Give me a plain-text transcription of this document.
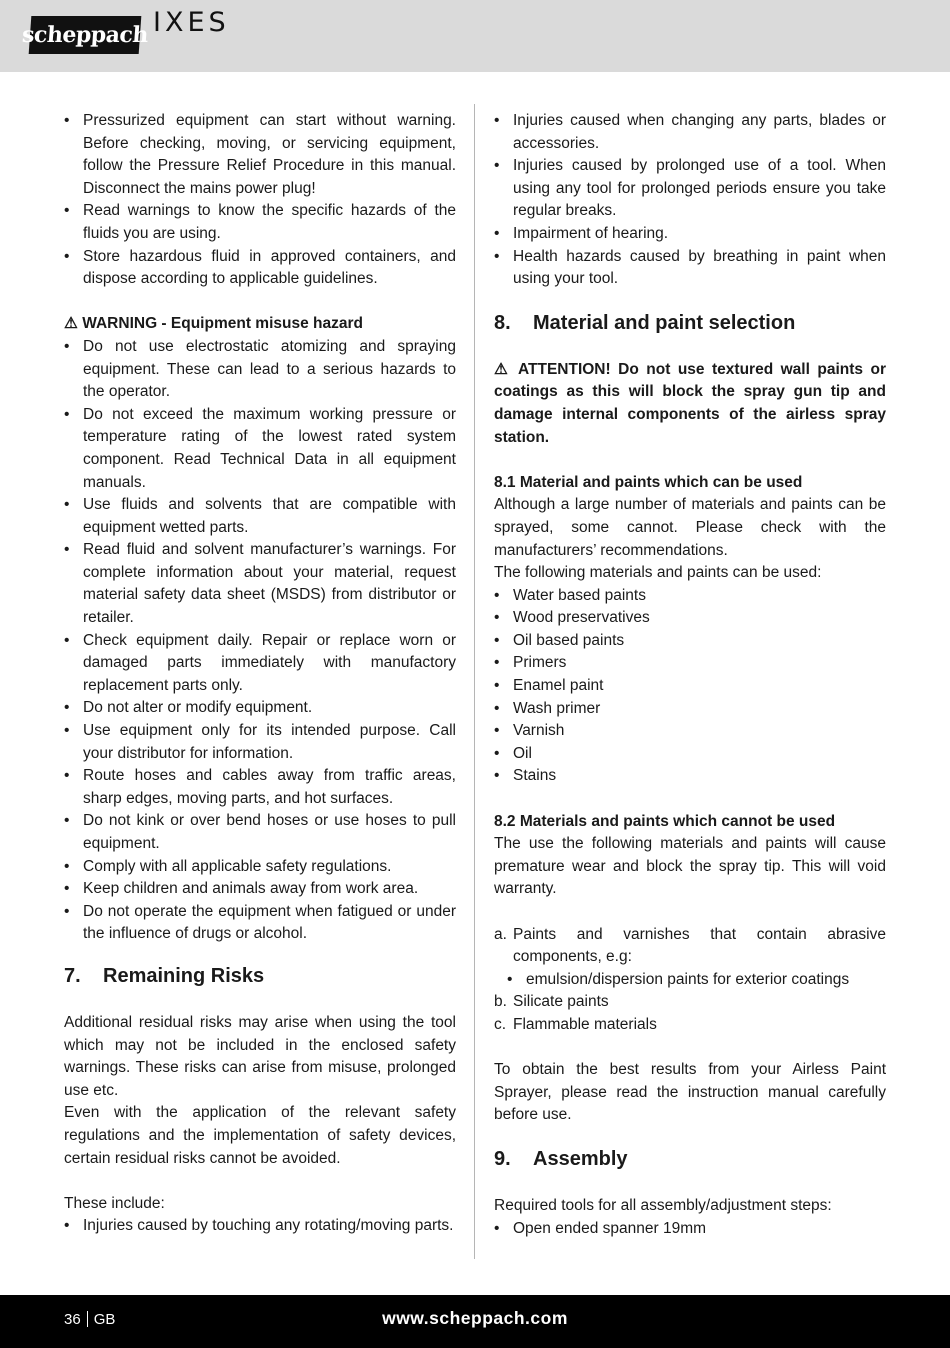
scheppach IXES
• Pressurized equipment can start without warning. Before checking, moving, or servicing equipment, follow the Pressure Relief Procedure in this manual. Disconnect the mains power plug!
• Read warnings to know the specific hazards of the fluids you are using.
• Store hazardous fluid in approved containers, and dispose according to applicable guidelines.
⚠ WARNING - Equipment misuse hazard
• Do not use electrostatic atomizing and spraying equipment. These can lead to a serious hazards to the operator.
• Do not exceed the maximum working pressure or temperature rating of the lowest rated system component. Read Technical Data in all equipment manuals.
• Use fluids and solvents that are compatible with equipment wetted parts.
• Read fluid and solvent manufacturer’s warnings. For complete information about your material, request material safety data sheet (MSDS) from distributor or retailer.
• Check equipment daily. Repair or replace worn or damaged parts immediately with manufactory replacement parts only.
• Do not alter or modify equipment.
• Use equipment only for its intended purpose. Call your distributor for information.
• Route hoses and cables away from traffic areas, sharp edges, moving parts, and hot surfaces.
• Do not kink or over bend hoses or use hoses to pull equipment.
• Comply with all applicable safety regulations.
• Keep children and animals away from work area.
• Do not operate the equipment when fatigued or under the influence of drugs or alcohol.
7.	Remaining Risks

Additional residual risks may arise when using the tool which may not be included in the enclosed safety warnings. These risks can arise from misuse, prolonged use etc.

Even with the application of the relevant safety regulations and the implementation of safety devices, certain residual risks cannot be avoided.

These include:

• Injuries caused by touching any rotating/moving parts.
• Injuries caused when changing any parts, blades or accessories.
• Injuries caused by prolonged use of a tool. When using any tool for prolonged periods ensure you take regular breaks.
• Impairment of hearing.
• Health hazards caused by breathing in paint when using your tool.
8.	Material and paint selection

⚠ ATTENTION! Do not use textured wall paints or coatings as this will block the spray gun tip and damage internal components of the airless spray station.

8.1 Material and paints which can be used

Although a large number of materials and paints can be sprayed, some cannot. Please check with the manufacturers’ recommendations.

The following materials and paints can be used:

• Water based paints
• Wood preservatives
• Oil based paints
• Primers
• Enamel paint
• Wash primer
• Varnish
• Oil
• Stains
8.2 Materials and paints which cannot be used

The use the following materials and paints will cause premature wear and block the spray tip. This will void warranty.

a. Paints and varnishes that contain abrasive components, e.g:
• emulsion/dispersion paints for exterior coatings
b. Silicate paints
c. Flammable materials

To obtain the best results from your Airless Paint Sprayer, please read the instruction manual carefully before use.

9.	Assembly

Required tools for all assembly/adjustment steps:

• Open ended spanner 19mm
36 GB	www.scheppach.com
